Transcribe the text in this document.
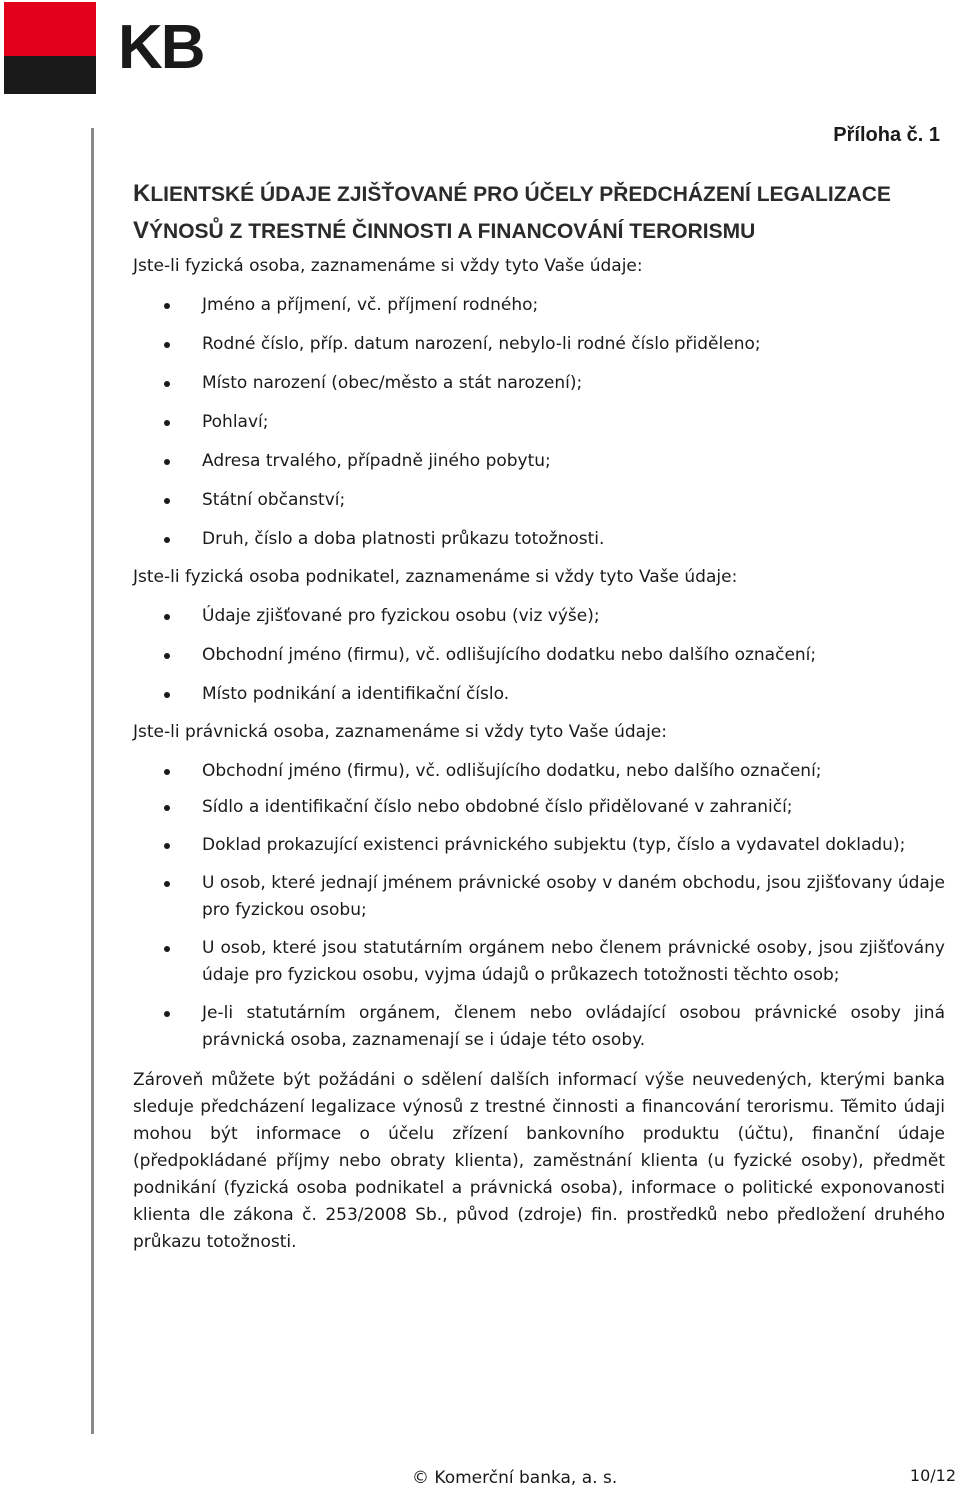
KB
Příloha č. 1
KLIENTSKÉ ÚDAJE ZJIŠŤOVANÉ PRO ÚČELY PŘEDCHÁZENÍ LEGALIZACE
VÝNOSŮ Z TRESTNÉ ČINNOSTI A FINANCOVÁNÍ TERORISMU

Jste-li fyzická osoba, zaznamenáme si vždy tyto Vaše údaje:

Jméno a příjmení, vč. příjmení rodného;
Rodné číslo, příp. datum narození, nebylo-li rodné číslo přiděleno;
Místo narození (obec/město a stát narození);
Pohlaví;
Adresa trvalého, případně jiného pobytu;
Státní občanství;
Druh, číslo a doba platnosti průkazu totožnosti.

Jste-li fyzická osoba podnikatel, zaznamenáme si vždy tyto Vaše údaje:

Údaje zjišťované pro fyzickou osobu (viz výše);
Obchodní jméno (firmu), vč. odlišujícího dodatku nebo dalšího označení;
Místo podnikání a identifikační číslo.

Jste-li právnická osoba, zaznamenáme si vždy tyto Vaše údaje:

Obchodní jméno (firmu), vč. odlišujícího dodatku, nebo dalšího označení;
Sídlo a identifikační číslo nebo obdobné číslo přidělované v zahraničí;
Doklad prokazující existenci právnického subjektu (typ, číslo a vydavatel dokladu);
U osob, které jednají jménem právnické osoby v daném obchodu, jsou zjišťovany údaje pro fyzickou osobu;
U osob, které jsou statutárním orgánem nebo členem právnické osoby, jsou zjišťovány údaje pro fyzickou osobu, vyjma údajů o průkazech totožnosti těchto osob;
Je-li statutárním orgánem, členem nebo ovládající osobou právnické osoby jiná právnická osoba, zaznamenají se i údaje této osoby.

Zároveň můžete být požádáni o sdělení dalších informací výše neuvedených, kterými banka sleduje předcházení legalizace výnosů z trestné činnosti a financování terorismu. Těmito údaji mohou být informace o účelu zřízení bankovního produktu (účtu), finanční údaje (předpokládané příjmy nebo obraty klienta), zaměstnání klienta (u fyzické osoby), předmět podnikání (fyzická osoba podnikatel a právnická osoba), informace o politické exponovanosti klienta dle zákona č. 253/2008 Sb., původ (zdroje) fin. prostředků nebo předložení druhého průkazu totožnosti.

© Komerční banka, a. s.	10/12
